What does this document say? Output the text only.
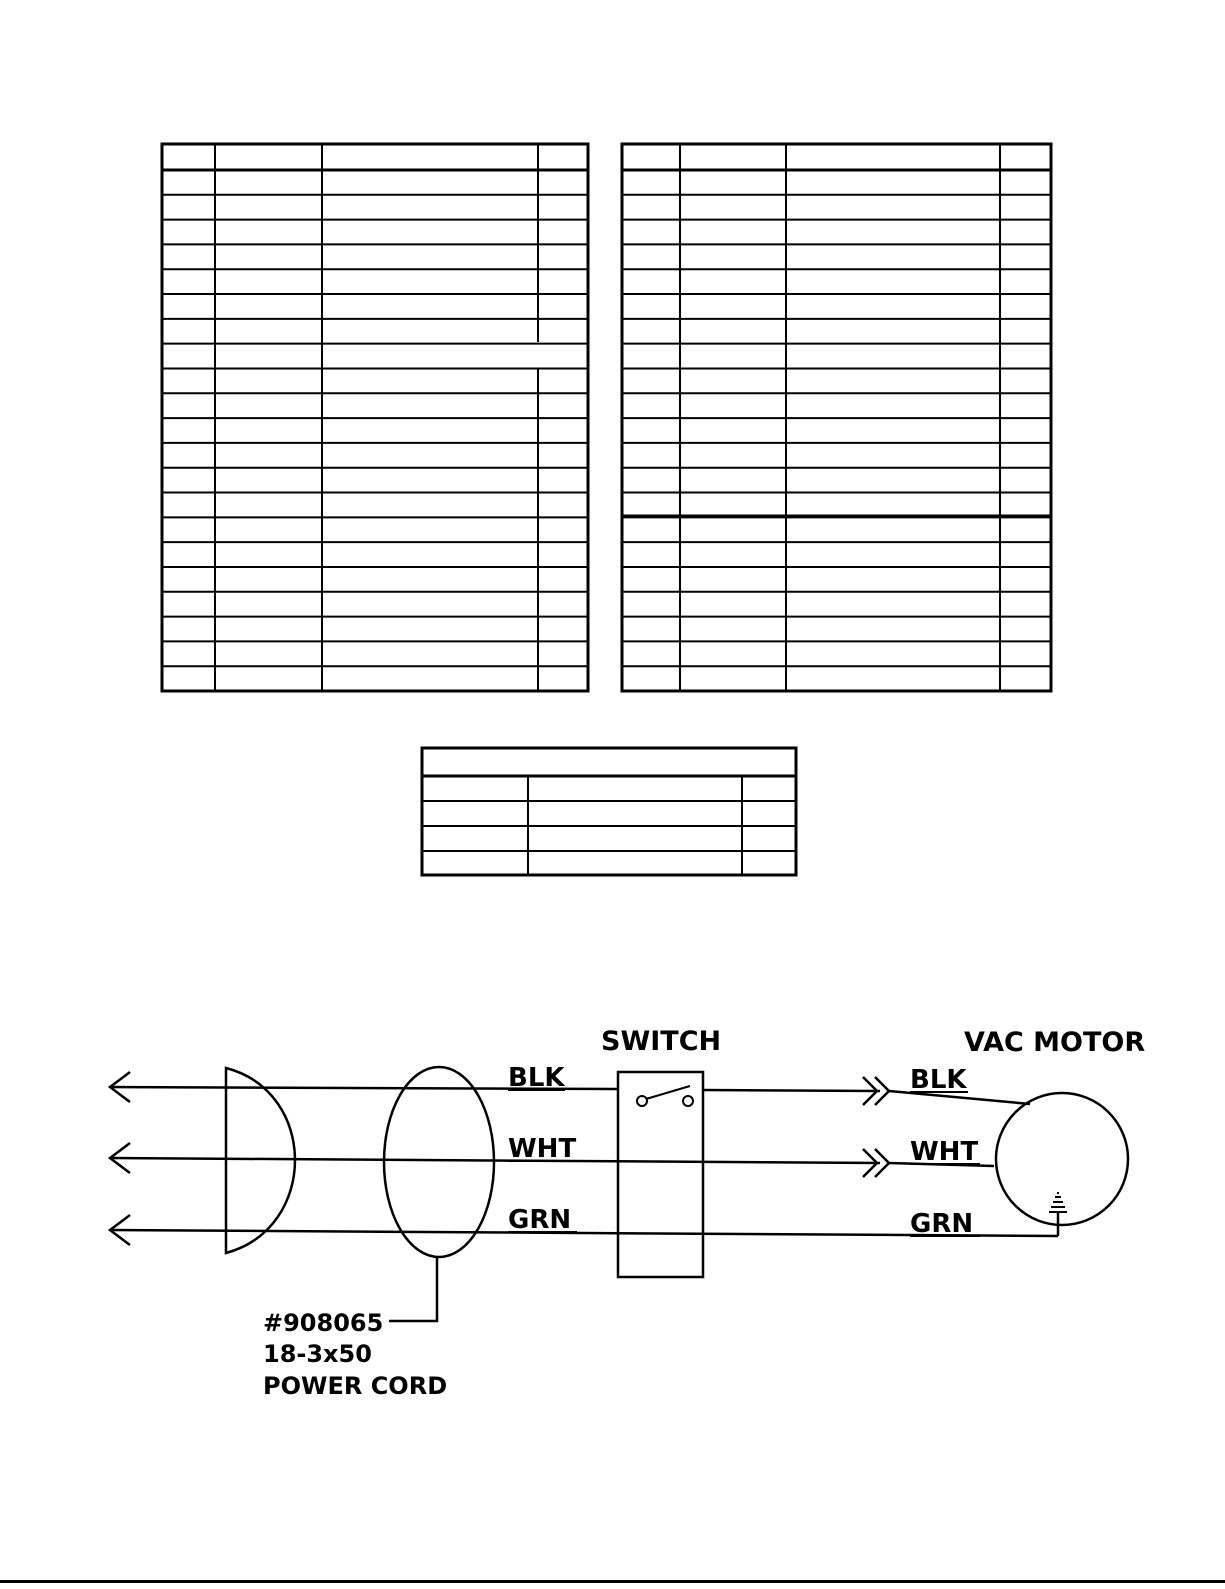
SWITCH	VAC MOTOR
BLK
WHT
GRN
BLK
WHT
GRN
#908065
18-3x50
POWER CORD
